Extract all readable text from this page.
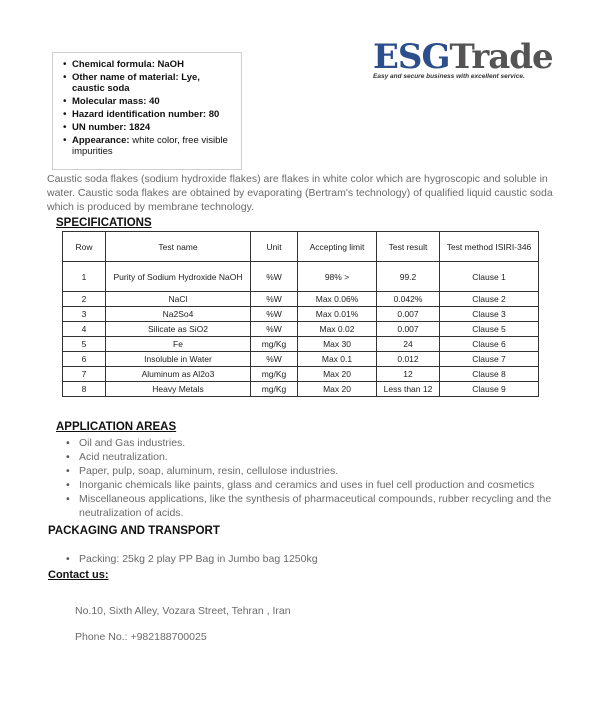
• Chemical formula: NaOH
• Other name of material: Lye, caustic soda
• Molecular mass: 40
• Hazard identification number: 80
• UN number: 1824
• Appearance: white color, free visible impurities
ESGTrade
Easy and secure business with excellent service.

Caustic soda flakes (sodium hydroxide flakes) are flakes in white color which are hygroscopic and soluble in water. Caustic soda flakes are obtained by evaporating (Bertram's technology) of qualified liquid caustic soda which is produced by membrane technology.

SPECIFICATIONS
Row	Test name	Unit	Accepting limit	Test result	Test method ISIRI-346
1	Purity of Sodium Hydroxide NaOH	%W	98% >	99.2	Clause 1
2	NaCl	%W	Max 0.06%	0.042%	Clause 2
3	Na2So4	%W	Max 0.01%	0.007	Clause 3
4	Silicate as SiO2	%W	Max 0.02	0.007	Clause 5
5	Fe	mg/Kg	Max 30	24	Clause 6
6	Insoluble in Water	%W	Max 0.1	0.012	Clause 7
7	Aluminum as Al2o3	mg/Kg	Max 20	12	Clause 8
8	Heavy Metals	mg/Kg	Max 20	Less than 12	Clause 9
APPLICATION AREAS
• Oil and Gas industries.
• Acid neutralization.
• Paper, pulp, soap, aluminum, resin, cellulose industries.
• Inorganic chemicals like paints, glass and ceramics and uses in fuel cell production and cosmetics
• Miscellaneous applications, like the synthesis of pharmaceutical compounds, rubber recycling and the neutralization of acids.
PACKAGING AND TRANSPORT
• Packing: 25kg 2 play PP Bag in Jumbo bag 1250kg
Contact us:

No.10, Sixth Alley, Vozara Street, Tehran , Iran

Phone No.: +982188700025
